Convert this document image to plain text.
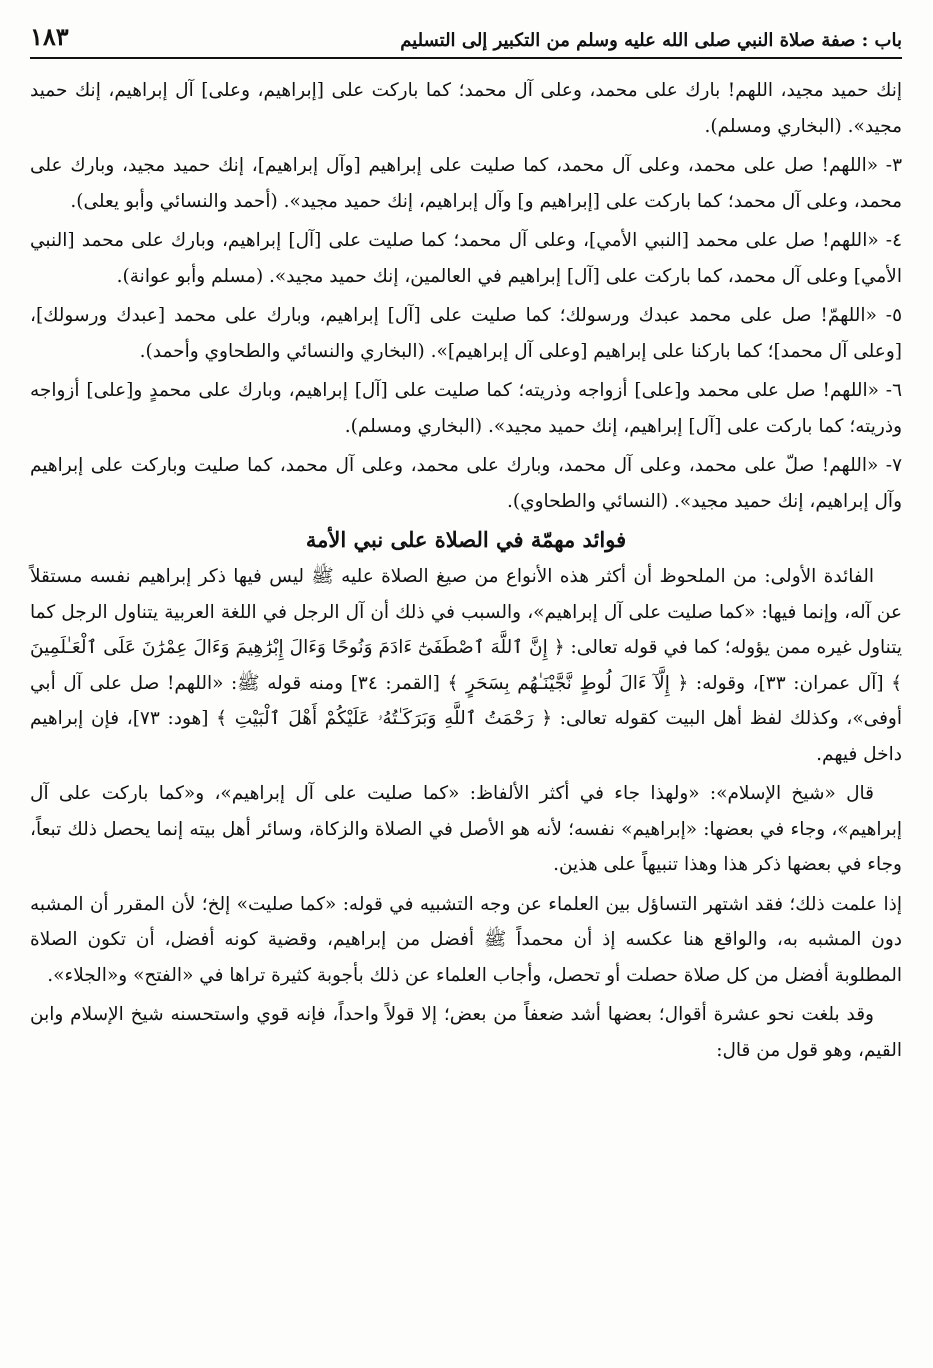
باب : صفة صلاة النبي صلى الله عليه وسلم من التكبير إلى التسليم
١٨٣

إنك حميد مجيد، اللهم! بارك على محمد، وعلى آل محمد؛ كما باركت على [إبراهيم، وعلى] آل إبراهيم، إنك حميد مجيد». (البخاري ومسلم).

٣- «اللهم! صل على محمد، وعلى آل محمد، كما صليت على إبراهيم [وآل إبراهيم]، إنك حميد مجيد، وبارك على محمد، وعلى آل محمد؛ كما باركت على [إبراهيم و] وآل إبراهيم، إنك حميد مجيد». (أحمد والنسائي وأبو يعلى).

٤- «اللهم! صل على محمد [النبي الأمي]، وعلى آل محمد؛ كما صليت على [آل] إبراهيم، وبارك على محمد [النبي الأمي] وعلى آل محمد، كما باركت على [آل] إبراهيم في العالمين، إنك حميد مجيد». (مسلم وأبو عوانة).

٥- «اللهمّ! صل على محمد عبدك ورسولك؛ كما صليت على [آل] إبراهيم، وبارك على محمد [عبدك ورسولك]، [وعلى آل محمد]؛ كما باركنا على إبراهيم [وعلى آل إبراهيم]». (البخاري والنسائي والطحاوي وأحمد).

٦- «اللهم! صل على محمد و[على] أزواجه وذريته؛ كما صليت على [آل] إبراهيم، وبارك على محمدٍ و[على] أزواجه وذريته؛ كما باركت على [آل] إبراهيم، إنك حميد مجيد». (البخاري ومسلم).

٧- «اللهم! صلّ على محمد، وعلى آل محمد، وبارك على محمد، وعلى آل محمد، كما صليت وباركت على إبراهيم وآل إبراهيم، إنك حميد مجيد». (النسائي والطحاوي).

فوائد مهمّة في الصلاة على نبي الأمة

الفائدة الأولى: من الملحوظ أن أكثر هذه الأنواع من صيغ الصلاة عليه ﷺ ليس فيها ذكر إبراهيم نفسه مستقلاً عن آله، وإنما فيها: «كما صليت على آل إبراهيم»، والسبب في ذلك أن آل الرجل في اللغة العربية يتناول الرجل كما يتناول غيره ممن يؤوله؛ كما في قوله تعالى: ﴿ إِنَّ ٱللَّهَ ٱصْطَفَىٰٓ ءَادَمَ وَنُوحًا وَءَالَ إِبْرَٰهِيمَ وَءَالَ عِمْرَٰنَ عَلَى ٱلْعَـٰلَمِينَ ﴾ [آل عمران: ٣٣]، وقوله: ﴿ إِلَّآ ءَالَ لُوطٍ نَّجَّيْنَـٰهُم بِسَحَرٍ ﴾ [القمر: ٣٤] ومنه قوله ﷺ: «اللهم! صل على آل أبي أوفى»، وكذلك لفظ أهل البيت كقوله تعالى: ﴿ رَحْمَتُ ٱللَّهِ وَبَرَكَـٰتُهُۥ عَلَيْكُمْ أَهْلَ ٱلْبَيْتِ ﴾ [هود: ٧٣]، فإن إبراهيم داخل فيهم.

قال «شيخ الإسلام»: «ولهذا جاء في أكثر الألفاظ: «كما صليت على آل إبراهيم»، و«كما باركت على آل إبراهيم»، وجاء في بعضها: «إبراهيم» نفسه؛ لأنه هو الأصل في الصلاة والزكاة، وسائر أهل بيته إنما يحصل ذلك تبعاً، وجاء في بعضها ذكر هذا وهذا تنبيهاً على هذين.

إذا علمت ذلك؛ فقد اشتهر التساؤل بين العلماء عن وجه التشبيه في قوله: «كما صليت» إلخ؛ لأن المقرر أن المشبه دون المشبه به، والواقع هنا عكسه إذ أن محمداً ﷺ أفضل من إبراهيم، وقضية كونه أفضل، أن تكون الصلاة المطلوبة أفضل من كل صلاة حصلت أو تحصل، وأجاب العلماء عن ذلك بأجوبة كثيرة تراها في «الفتح» و«الجلاء».

وقد بلغت نحو عشرة أقوال؛ بعضها أشد ضعفاً من بعض؛ إلا قولاً واحداً، فإنه قوي واستحسنه شيخ الإسلام وابن القيم، وهو قول من قال:
